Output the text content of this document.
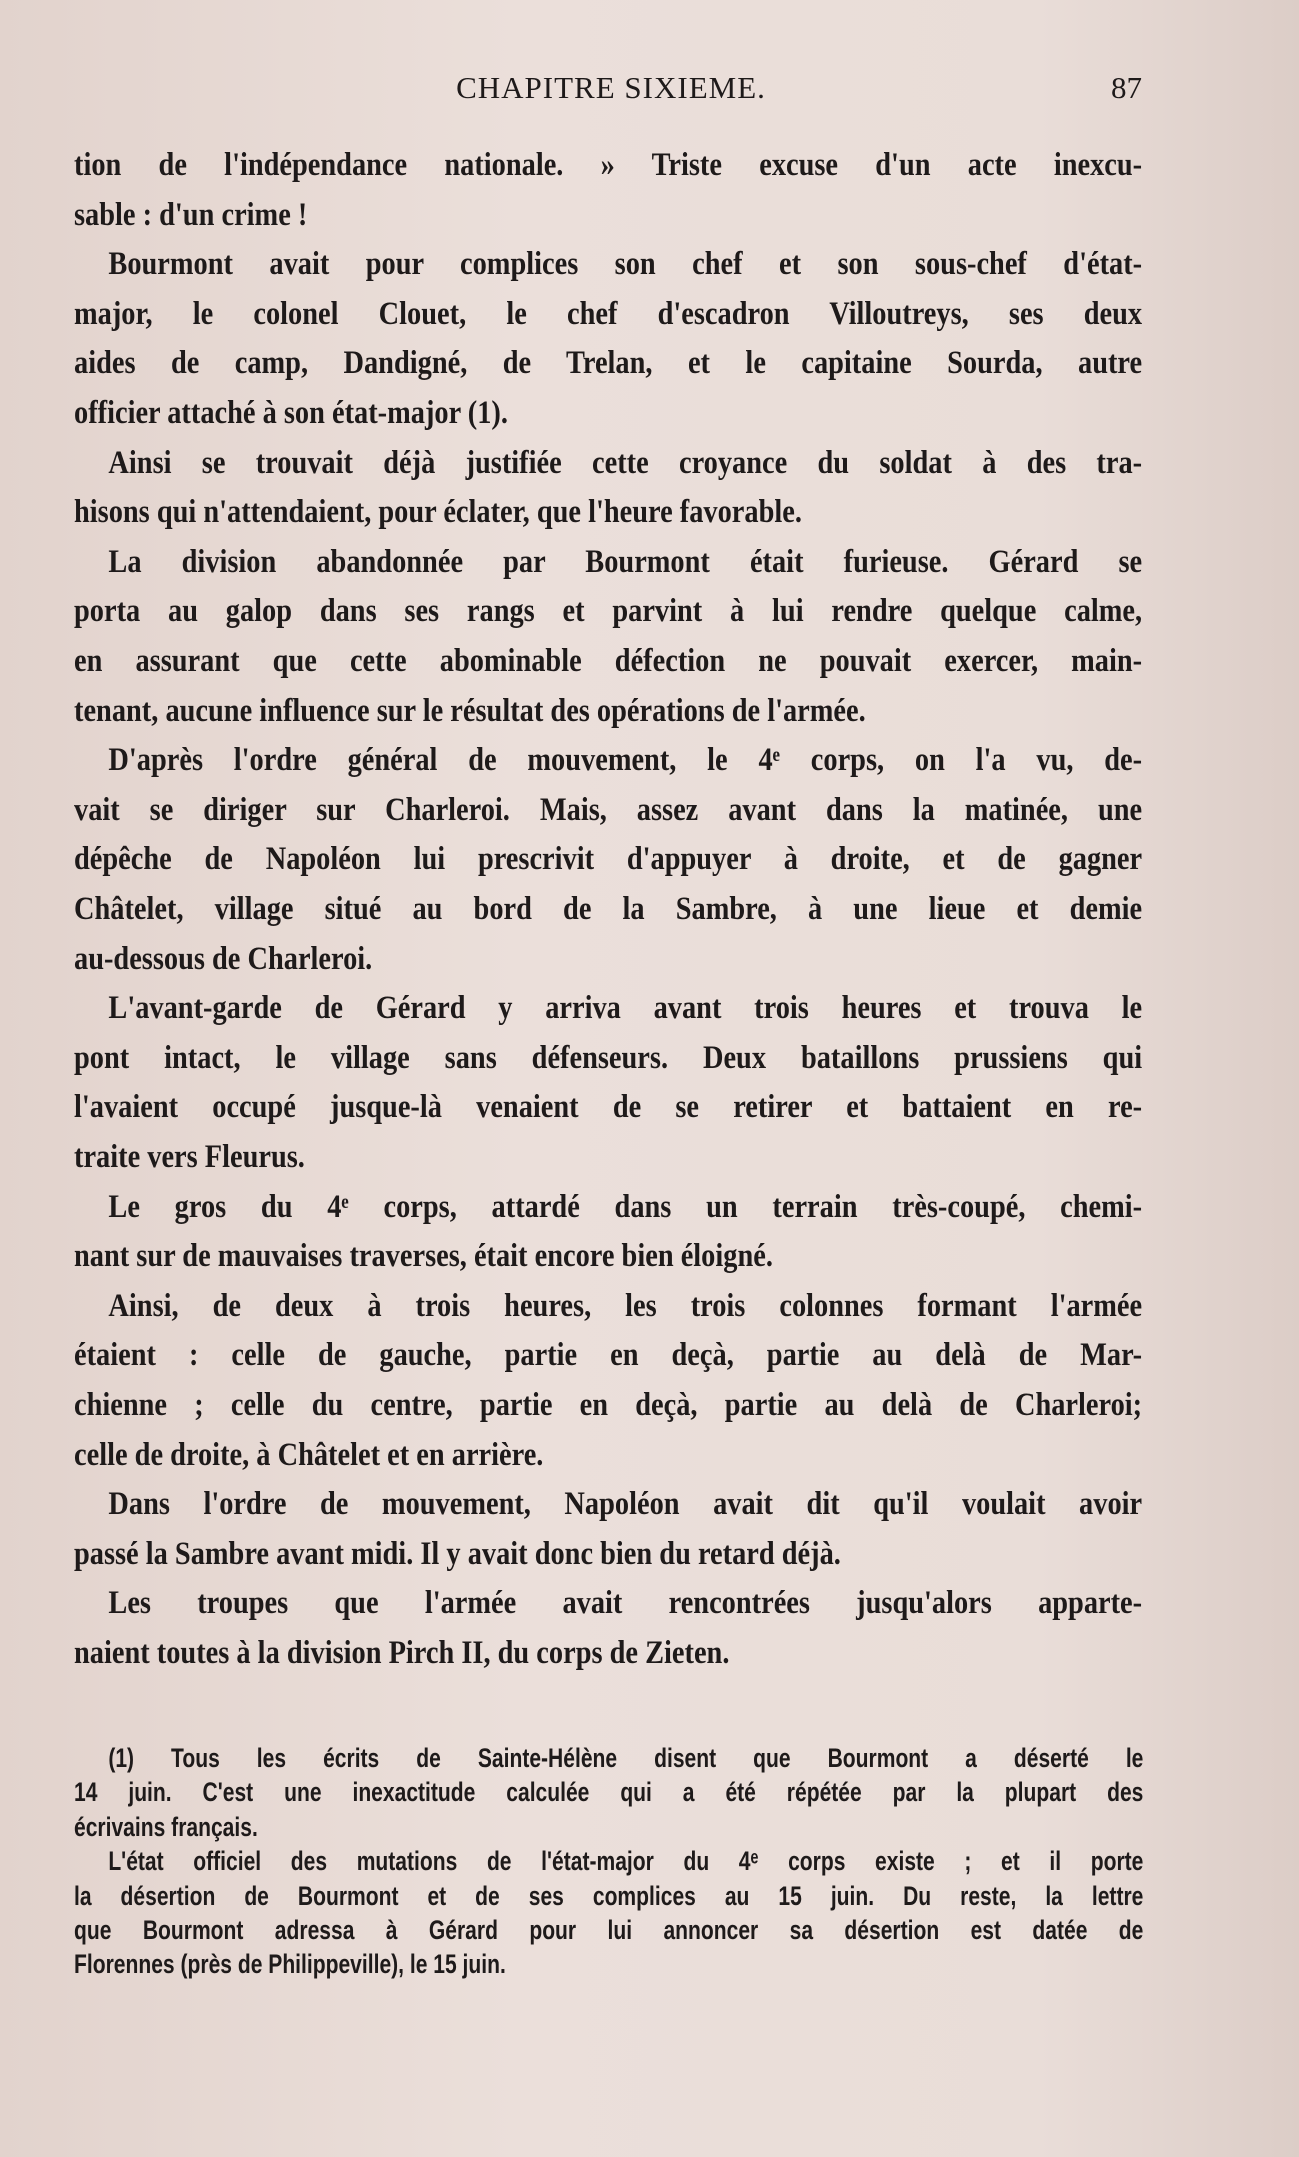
CHAPITRE SIXIEME.	87
tion de l'indépendance nationale. » Triste excuse d'un acte inexcu-
sable : d'un crime !
Bourmont avait pour complices son chef et son sous-chef d'état-
major, le colonel Clouet, le chef d'escadron Villoutreys, ses deux
aides de camp, Dandigné, de Trelan, et le capitaine Sourda, autre
officier attaché à son état-major (1).
Ainsi se trouvait déjà justifiée cette croyance du soldat à des tra-
hisons qui n'attendaient, pour éclater, que l'heure favorable.
La division abandonnée par Bourmont était furieuse. Gérard se
porta au galop dans ses rangs et parvint à lui rendre quelque calme,
en assurant que cette abominable défection ne pouvait exercer, main-
tenant, aucune influence sur le résultat des opérations de l'armée.
D'après l'ordre général de mouvement, le 4ᵉ corps, on l'a vu, de-
vait se diriger sur Charleroi. Mais, assez avant dans la matinée, une
dépêche de Napoléon lui prescrivit d'appuyer à droite, et de gagner
Châtelet, village situé au bord de la Sambre, à une lieue et demie
au-dessous de Charleroi.
L'avant-garde de Gérard y arriva avant trois heures et trouva le
pont intact, le village sans défenseurs. Deux bataillons prussiens qui
l'avaient occupé jusque-là venaient de se retirer et battaient en re-
traite vers Fleurus.
Le gros du 4ᵉ corps, attardé dans un terrain très-coupé, chemi-
nant sur de mauvaises traverses, était encore bien éloigné.
Ainsi, de deux à trois heures, les trois colonnes formant l'armée
étaient : celle de gauche, partie en deçà, partie au delà de Mar-
chienne ; celle du centre, partie en deçà, partie au delà de Charleroi;
celle de droite, à Châtelet et en arrière.
Dans l'ordre de mouvement, Napoléon avait dit qu'il voulait avoir
passé la Sambre avant midi. Il y avait donc bien du retard déjà.
Les troupes que l'armée avait rencontrées jusqu'alors apparte-
naient toutes à la division Pirch II, du corps de Zieten.
(1) Tous les écrits de Sainte-Hélène disent que Bourmont a déserté le
14 juin. C'est une inexactitude calculée qui a été répétée par la plupart des
écrivains français.
L'état officiel des mutations de l'état-major du 4ᵉ corps existe ; et il porte
la désertion de Bourmont et de ses complices au 15 juin. Du reste, la lettre
que Bourmont adressa à Gérard pour lui annoncer sa désertion est datée de
Florennes (près de Philippeville), le 15 juin.
